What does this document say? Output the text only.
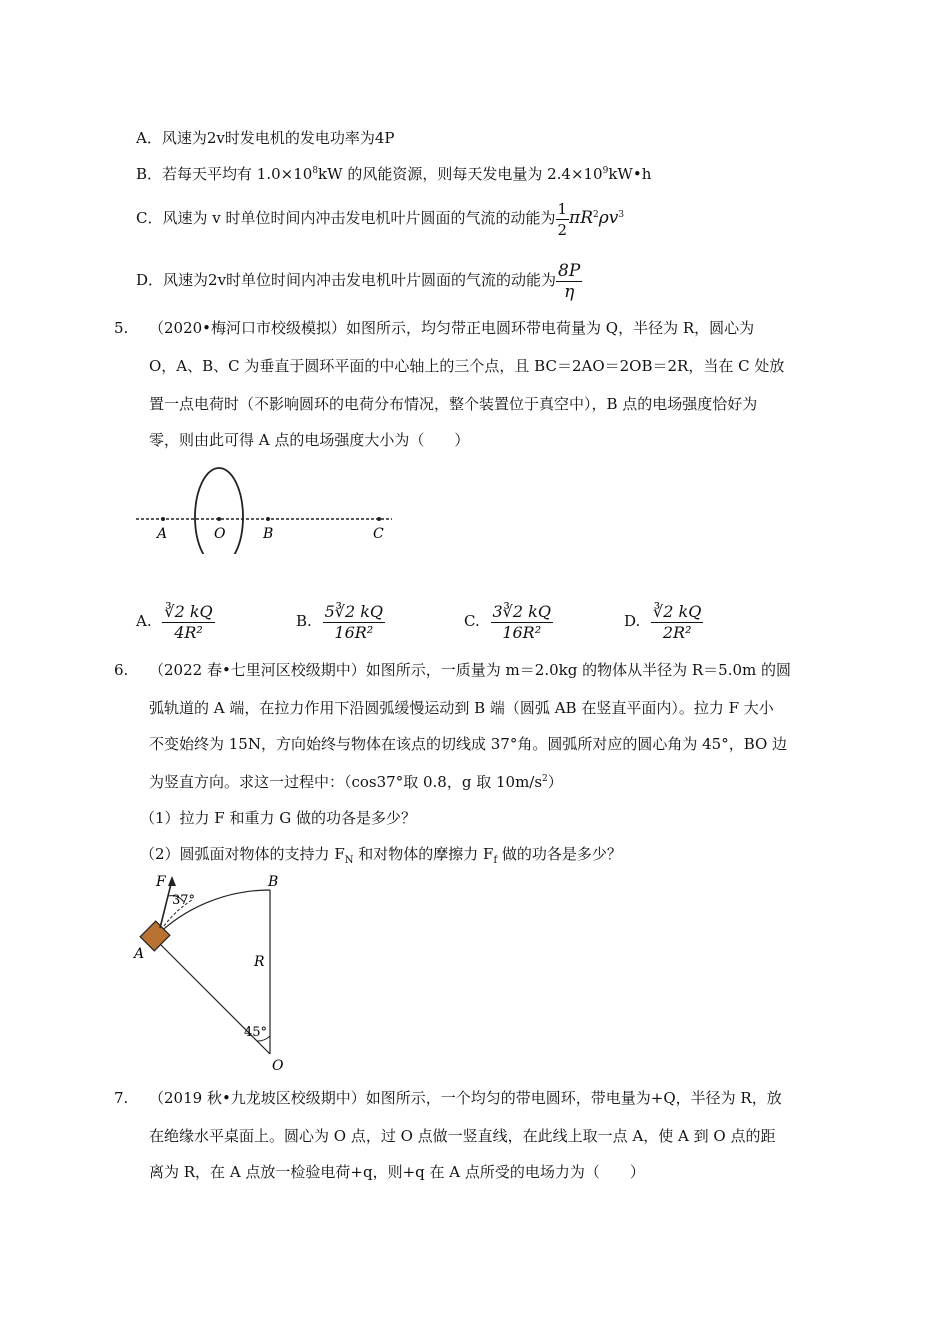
A．风速为2v时发电机的发电功率为4P
B．若每天平均有 $1.0\times 10^8kW$ 的风能资源，则每天发电量为 $2.4\times 10^9kW•h$
C．风速为 v 时单位时间内冲击发电机叶片圆面的气流的动能为 $\frac{1}{2} \pi R^2\rho v^3$
D．风速为2v时单位时间内冲击发电机叶片圆面的气流的动能为 $\frac{8P}{\eta}$
5. （2020•梅河口市校级模拟）如图所示，均匀带正电圆环带电荷量为 Q，半径为 R，圆心为
O，A、B、C 为垂直于圆环平面的中心轴上的三个点，且 BC＝2AO＝2OB＝2R，当在 C 处放
置一点电荷时（不影响圆环的电荷分布情况，整个装置位于真空中），B 点的电场强度恰好为
零，则由此可得 A 点的电场强度大小为（　　）
A	O	B	C
A. $\frac{∛2 kQ}{\text{4R²}}$	B. $\frac{5∛2 kQ}{\text{16R²}}$	C. $\frac{3∛2 kQ}{\text{16R²}}$	D. $\frac{∛2 kQ}{\text{2R²}}$
6. （2022 春•七里河区校级期中）如图所示，一质量为 m＝2.0kg 的物体从半径为 R＝5.0m 的圆
弧轨道的 A 端，在拉力作用下沿圆弧缓慢运动到 B 端（圆弧 AB 在竖直平面内）。拉力 F 大小
不变始终为 15N，方向始终与物体在该点的切线成 37°角。圆弧所对应的圆心角为 45°，BO 边
为竖直方向。求这一过程中：（cos37°取 0.8，g 取 $10m/s^2$）
（1）拉力 F 和重力 G 做的功各是多少？
（2）圆弧面对物体的支持力 $F_N$ 和对物体的摩擦力 $F_f$ 做的功各是多少？
F
37°
B
A	R
45°
O
7. （2019 秋•九龙坡区校级期中）如图所示，一个均匀的带电圆环，带电量为+Q，半径为 R，放
在绝缘水平桌面上。圆心为 O 点，过 O 点做一竖直线，在此线上取一点 A，使 A 到 O 点的距
离为 R，在 A 点放一检验电荷+q，则+q 在 A 点所受的电场力为（　　）
